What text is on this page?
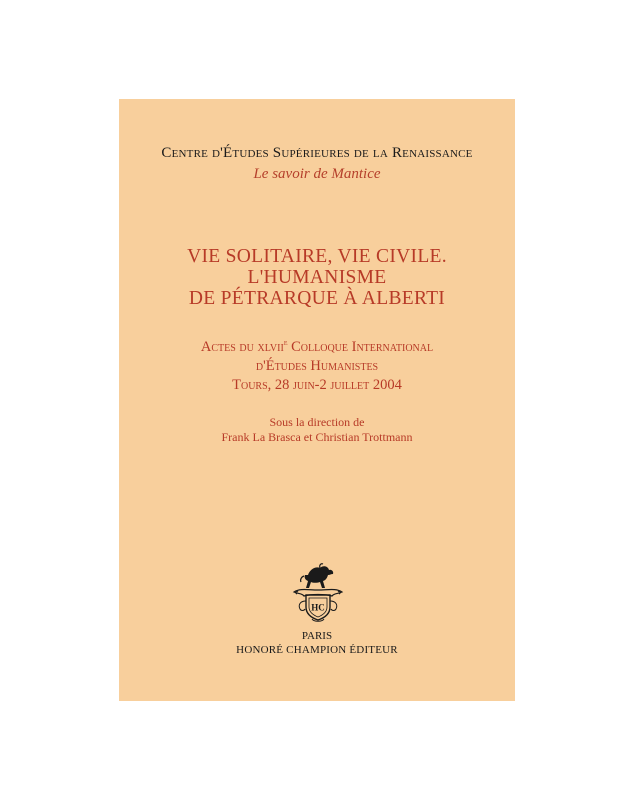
Centre d'Études Supérieures de la Renaissance
Le savoir de Mantice
VIE SOLITAIRE, VIE CIVILE.
L'HUMANISME
DE PÉTRARQUE À ALBERTI
Actes du xlvii$^e$ Colloque International
d'Études Humanistes
Tours, 28 juin-2 juillet 2004
Sous la direction de
Frank La Brasca et Christian Trottmann
HC
PARIS
HONORÉ CHAMPION ÉDITEUR
